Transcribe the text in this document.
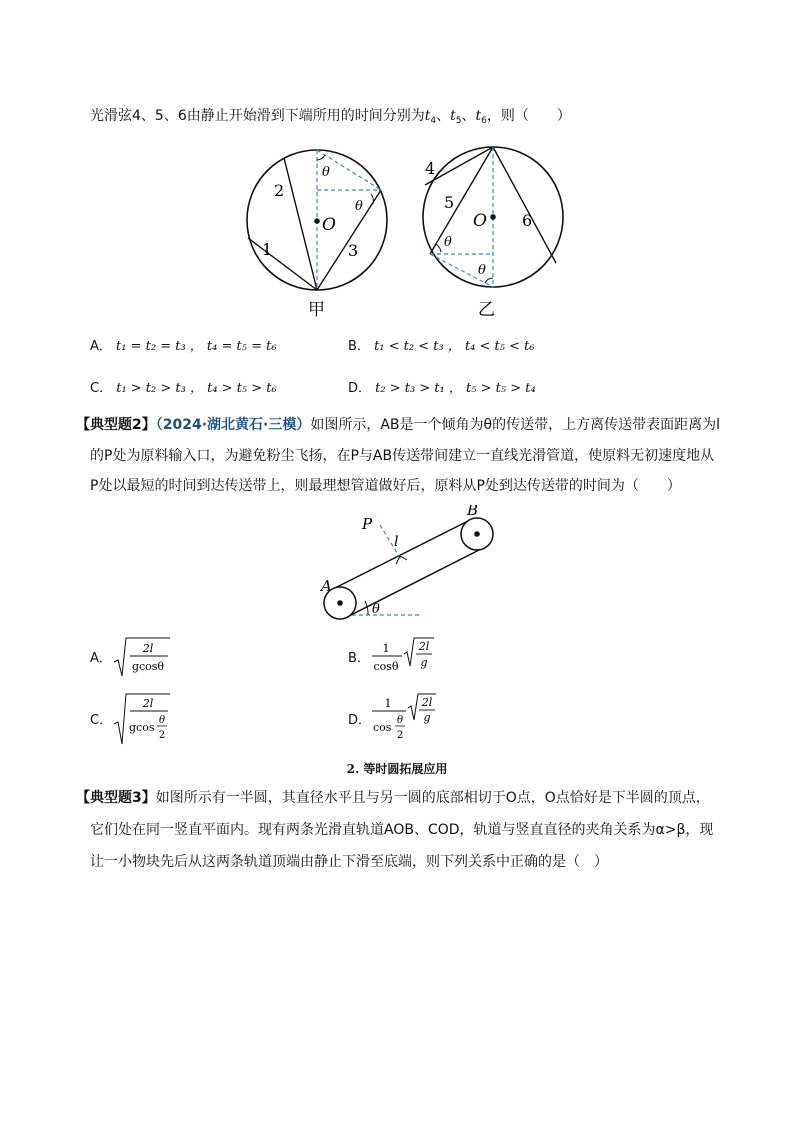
光滑弦4、5、6由静止开始滑到下端所用的时间分别为$t_4$、$t_5$、$t_6$，则（　　）
θ
θ
O
1
2
3
甲
θ
θ
O
4
5
6
乙
A． t₁ = t₂ = t₃ ， t₄ = t₅ = t₆	B． t₁ < t₂ < t₃ ， t₄ < t₅ < t₆
C． t₁ > t₂ > t₃ ， t₄ > t₅ > t₆	D． t₂ > t₃ > t₁ ， t₅ > t₅ > t₄
【典型题2】（2024·湖北黄石·三模）如图所示，AB是一个倾角为θ的传送带，上方离传送带表面距离为l
的P处为原料输入口，为避免粉尘飞扬，在P与AB传送带间建立一直线光滑管道，使原料无初速度地从
P处以最短的时间到达传送带上，则最理想管道做好后，原料从P处到达传送带的时间为（　　）
P
l
A
B
θ
A．
2l
gcosθ
B．
1
cosθ
2l
g
C．
2l
gcos
θ
2
D．
1
cos
θ
2
2l
g
2. 等时圆拓展应用
【典型题3】如图所示有一半圆，其直径水平且与另一圆的底部相切于O点，O点恰好是下半圆的顶点，
它们处在同一竖直平面内。现有两条光滑直轨道AOB、COD，轨道与竖直直径的夹角关系为α>β，现
让一小物块先后从这两条轨道顶端由静止下滑至底端，则下列关系中正确的是（　）
